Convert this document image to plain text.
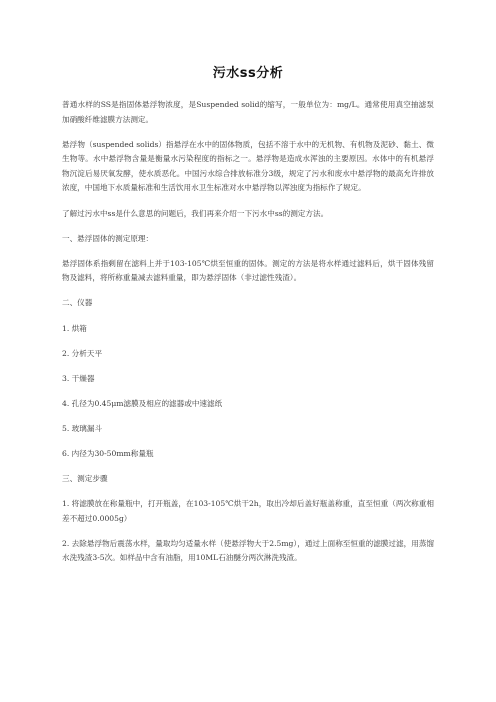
污水ss分析

普通水样的SS是指固体悬浮物浓度，是Suspended solid的缩写，一般单位为：mg/L。通常使用真空抽滤泵加硝酸纤维滤膜方法测定。

悬浮物（suspended solids）指悬浮在水中的固体物质，包括不溶于水中的无机物、有机物及泥砂、黏土、微生物等。水中悬浮物含量是衡量水污染程度的指标之一。悬浮物是造成水浑浊的主要原因。水体中的有机悬浮物沉淀后易厌氧发酵，使水质恶化。中国污水综合排放标准分3级，规定了污水和废水中悬浮物的最高允许排放浓度，中国地下水质量标准和生活饮用水卫生标准对水中悬浮物以浑浊度为指标作了规定。

了解过污水中ss是什么意思的问题后，我们再来介绍一下污水中ss的测定方法。

一、悬浮固体的测定原理：

悬浮固体系指剩留在滤料上并于103-105℃烘至恒重的固体。测定的方法是将水样通过滤料后，烘干固体残留物及滤料，将所称重量减去滤料重量，即为悬浮固体（非过滤性残渣）。

二、仪器

1. 烘箱

2. 分析天平

3. 干燥器

4. 孔径为0.45μm滤膜及相应的滤器或中速滤纸

5. 玻璃漏斗

6. 内径为30-50mm称量瓶

三、测定步骤

1. 将滤膜放在称量瓶中，打开瓶盖，在103-105℃烘干2h，取出冷却后盖好瓶盖称重，直至恒重（两次称重相差不超过0.0005g）

2. 去除悬浮物后震荡水样，量取均匀适量水样（使悬浮物大于2.5mg），通过上面称至恒重的滤膜过滤，用蒸馏水洗残渣3-5次。如样品中含有油脂，用10ML石油醚分两次淋洗残渣。
